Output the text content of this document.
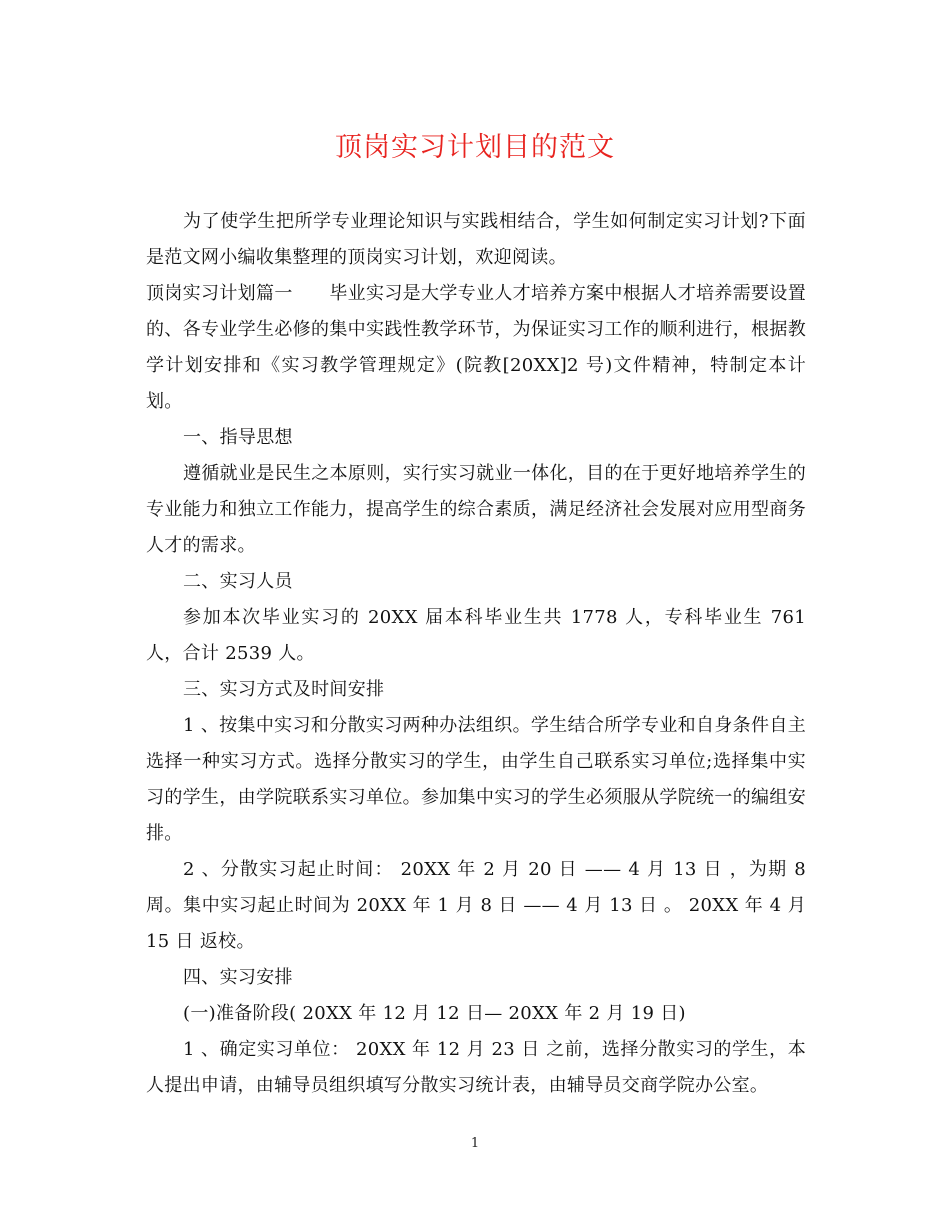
顶岗实习计划目的范文

为了使学生把所学专业理论知识与实践相结合，学生如何制定实习计划?下面是范文网小编收集整理的顶岗实习计划，欢迎阅读。

顶岗实习计划篇一　　毕业实习是大学专业人才培养方案中根据人才培养需要设置的、各专业学生必修的集中实践性教学环节，为保证实习工作的顺利进行，根据教学计划安排和《实习教学管理规定》(院教[20XX]2 号)文件精神，特制定本计划。

一、指导思想

遵循就业是民生之本原则，实行实习就业一体化，目的在于更好地培养学生的专业能力和独立工作能力，提高学生的综合素质，满足经济社会发展对应用型商务人才的需求。

二、实习人员

参加本次毕业实习的 20XX 届本科毕业生共 1778 人，专科毕业生 761 人，合计 2539 人。

三、实习方式及时间安排

1 、按集中实习和分散实习两种办法组织。学生结合所学专业和自身条件自主选择一种实习方式。选择分散实习的学生，由学生自己联系实习单位;选择集中实习的学生，由学院联系实习单位。参加集中实习的学生必须服从学院统一的编组安排。

2 、分散实习起止时间： 20XX 年 2 月 20 日 —— 4 月 13 日 ，为期 8 周。集中实习起止时间为 20XX 年 1 月 8 日 —— 4 月 13 日 。 20XX 年 4 月 15 日 返校。

四、实习安排

(一)准备阶段( 20XX 年 12 月 12 日— 20XX 年 2 月 19 日)

1 、确定实习单位： 20XX 年 12 月 23 日 之前，选择分散实习的学生，本人提出申请，由辅导员组织填写分散实习统计表，由辅导员交商学院办公室。

1
